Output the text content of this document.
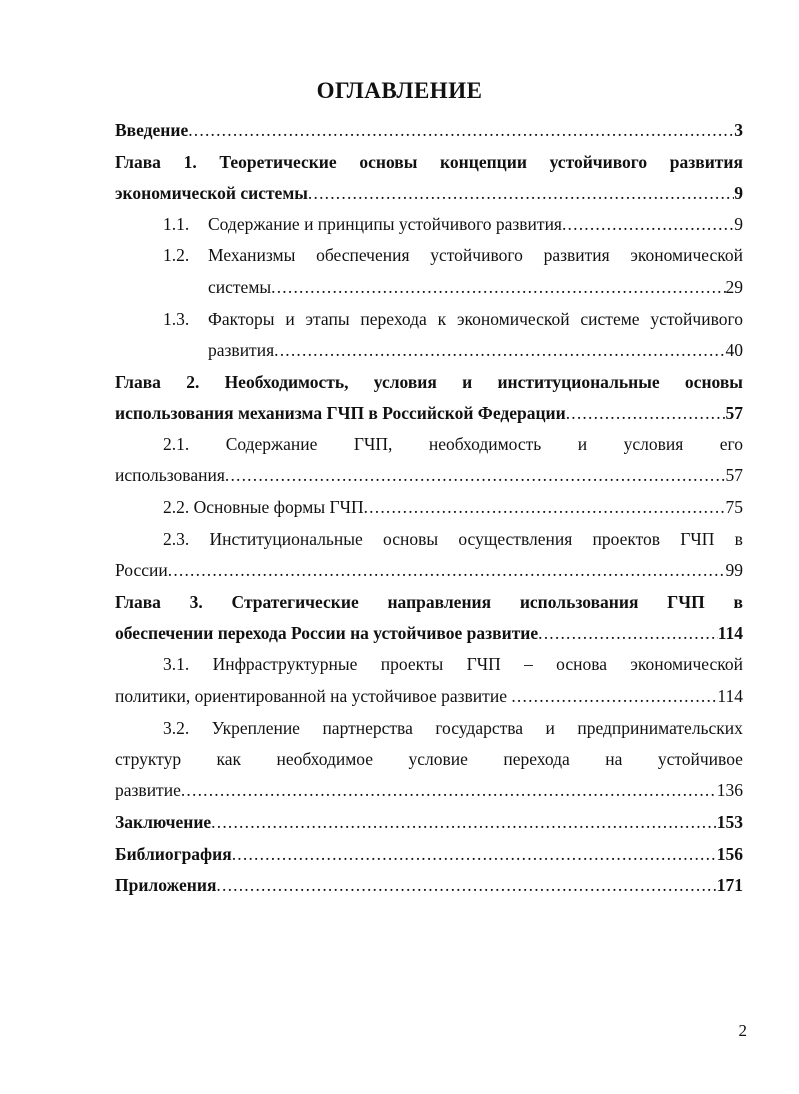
ОГЛАВЛЕНИЕ
Введение .....	3
Глава 1. Теоретические основы концепции устойчивого развития
экономической системы .....	9
1.1. Содержание и принципы устойчивого развития .....	9
1.2. Механизмы обеспечения устойчивого развития экономической
системы .....	29
1.3. Факторы и этапы перехода к экономической системе устойчивого
развития .....	40
Глава 2. Необходимость, условия и институциональные основы
использования механизма ГЧП в Российской Федерации .....	57
2.1. Содержание ГЧП, необходимость и условия его
использования .....	57
2.2. Основные формы ГЧП .....	75
2.3. Институциональные основы осуществления проектов ГЧП в
России .....	99
Глава 3. Стратегические направления использования ГЧП в
обеспечении перехода России на устойчивое развитие .....	114
3.1. Инфраструктурные проекты ГЧП – основа экономической
политики, ориентированной на устойчивое развитие .....	114
3.2. Укрепление партнерства государства и предпринимательских
структур как необходимое условие перехода на устойчивое
развитие .....	136
Заключение .....	153
Библиография .....	156
Приложения .....	171
2
